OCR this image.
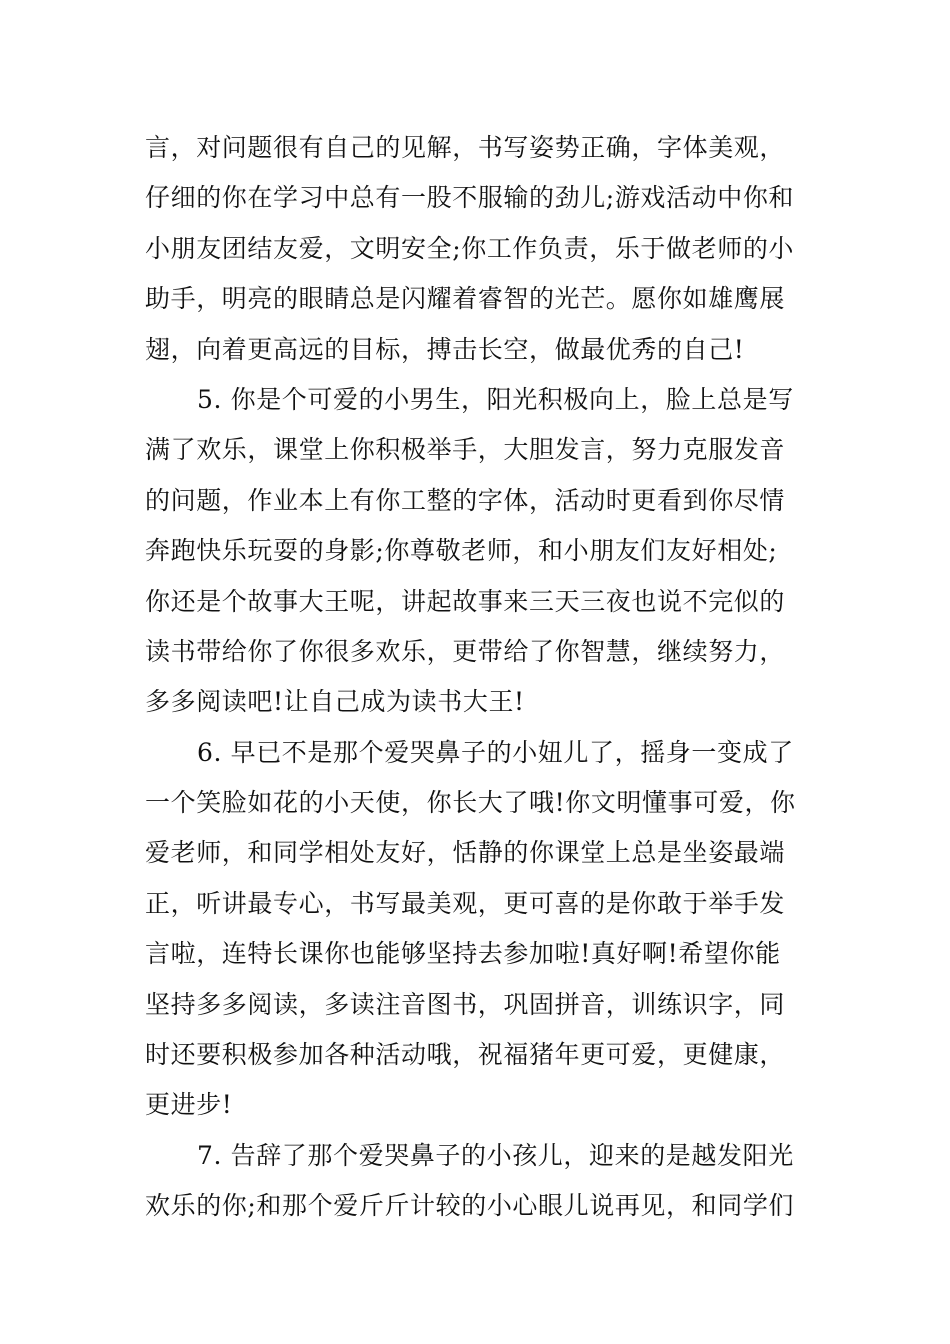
言，对问题很有自己的见解，书写姿势正确，字体美观，
仔细的你在学习中总有一股不服输的劲儿;游戏活动中你和
小朋友团结友爱，文明安全;你工作负责，乐于做老师的小
助手，明亮的眼睛总是闪耀着睿智的光芒。愿你如雄鹰展
翅，向着更高远的目标，搏击长空，做最优秀的自己!
5. 你是个可爱的小男生，阳光积极向上，脸上总是写
满了欢乐，课堂上你积极举手，大胆发言，努力克服发音
的问题，作业本上有你工整的字体，活动时更看到你尽情
奔跑快乐玩耍的身影;你尊敬老师，和小朋友们友好相处;
你还是个故事大王呢，讲起故事来三天三夜也说不完似的
读书带给你了你很多欢乐，更带给了你智慧，继续努力，
多多阅读吧!让自己成为读书大王!
6. 早已不是那个爱哭鼻子的小妞儿了，摇身一变成了
一个笑脸如花的小天使，你长大了哦!你文明懂事可爱，你
爱老师，和同学相处友好，恬静的你课堂上总是坐姿最端
正，听讲最专心，书写最美观，更可喜的是你敢于举手发
言啦，连特长课你也能够坚持去参加啦!真好啊!希望你能
坚持多多阅读，多读注音图书，巩固拼音，训练识字，同
时还要积极参加各种活动哦，祝福猪年更可爱，更健康，
更进步!
7. 告辞了那个爱哭鼻子的小孩儿，迎来的是越发阳光
欢乐的你;和那个爱斤斤计较的小心眼儿说再见，和同学们
